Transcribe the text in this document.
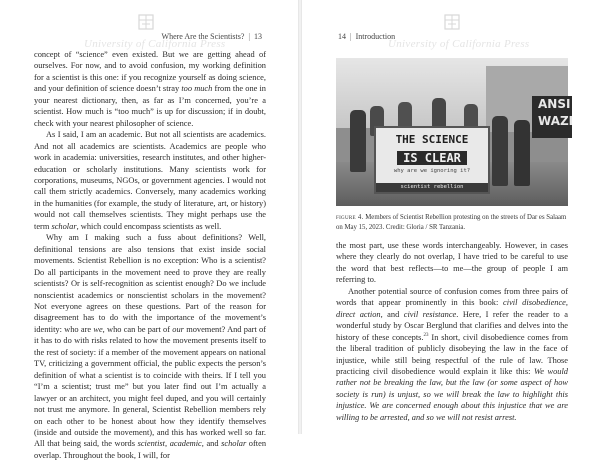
University of California Press
Where Are the Scientists? | 13

concept of “science” even existed. But we are getting ahead of ourselves. For now, and to avoid confusion, my working definition for a scientist is this one: if you recognize yourself as doing science, and your definition of science doesn’t stray too much from the one in your nearest dictionary, then, as far as I’m concerned, you’re a scientist. How much is “too much” is up for discussion; if in doubt, check with your nearest philosopher of science.

As I said, I am an academic. But not all scientists are academics. And not all academics are scientists. Academics are people who work in academia: universities, research institutes, and other higher-education or scholarly institutions. Many scientists work for corporations, museums, NGOs, or government agencies. I would not call them strictly academics. Conversely, many academics working in the humanities (for example, the study of literature, art, or history) would not call themselves scientists. They might perhaps use the term scholar, which could encompass scientists as well.

Why am I making such a fuss about definitions? Well, definitional tensions are also tensions that exist inside social movements. Scientist Rebellion is no exception: Who is a scientist? Do all participants in the movement need to prove they are really scientists? Or is self-recognition as scientist enough? Do we include nonscientist academics or nonscientist scholars in the movement? Not everyone agrees on these questions. Part of the reason for disagreement has to do with the importance of the movement’s identity: who are we, who can be part of our movement? And part of it has to do with risks related to how the movement presents itself to the rest of society: if a member of the movement appears on national TV, criticizing a government official, the public expects the person’s definition of what a scientist is to coincide with theirs. If I tell you “I’m a scientist; trust me” but you later find out I’m actually a lawyer or an architect, you might feel duped, and you will certainly not trust me anymore. In general, Scientist Rebellion members rely on each other to be honest about how they identify themselves (inside and outside the movement), and this has worked well so far. All that being said, the words scientist, academic, and scholar often overlap. Throughout the book, I will, for

University of California Press
14 | Introduction
THE SCIENCE
IS CLEAR
why are we ignoring it?
scientist rebellion
ANSI WAZI
figure 4. Members of Scientist Rebellion protesting on the streets of Dar es Salaam on May 15, 2023. Credit: Gloria / SR Tanzania.

the most part, use these words interchangeably. However, in cases where they clearly do not overlap, I have tried to be careful to use the word that best reflects—to me—the group of people I am referring to.

Another potential source of confusion comes from three pairs of words that appear prominently in this book: civil disobedience, direct action, and civil resistance. Here, I refer the reader to a wonderful study by Oscar Berglund that clarifies and delves into the history of these concepts.$^{23}$ In short, civil disobedience comes from the liberal tradition of publicly disobeying the law in the face of injustice, while still being respectful of the rule of law. Those practicing civil disobedience would explain it like this: We would rather not be breaking the law, but the law (or some aspect of how society is run) is unjust, so we will break the law to highlight this injustice. We are concerned enough about this injustice that we are willing to be arrested, and so we will not resist arrest.
